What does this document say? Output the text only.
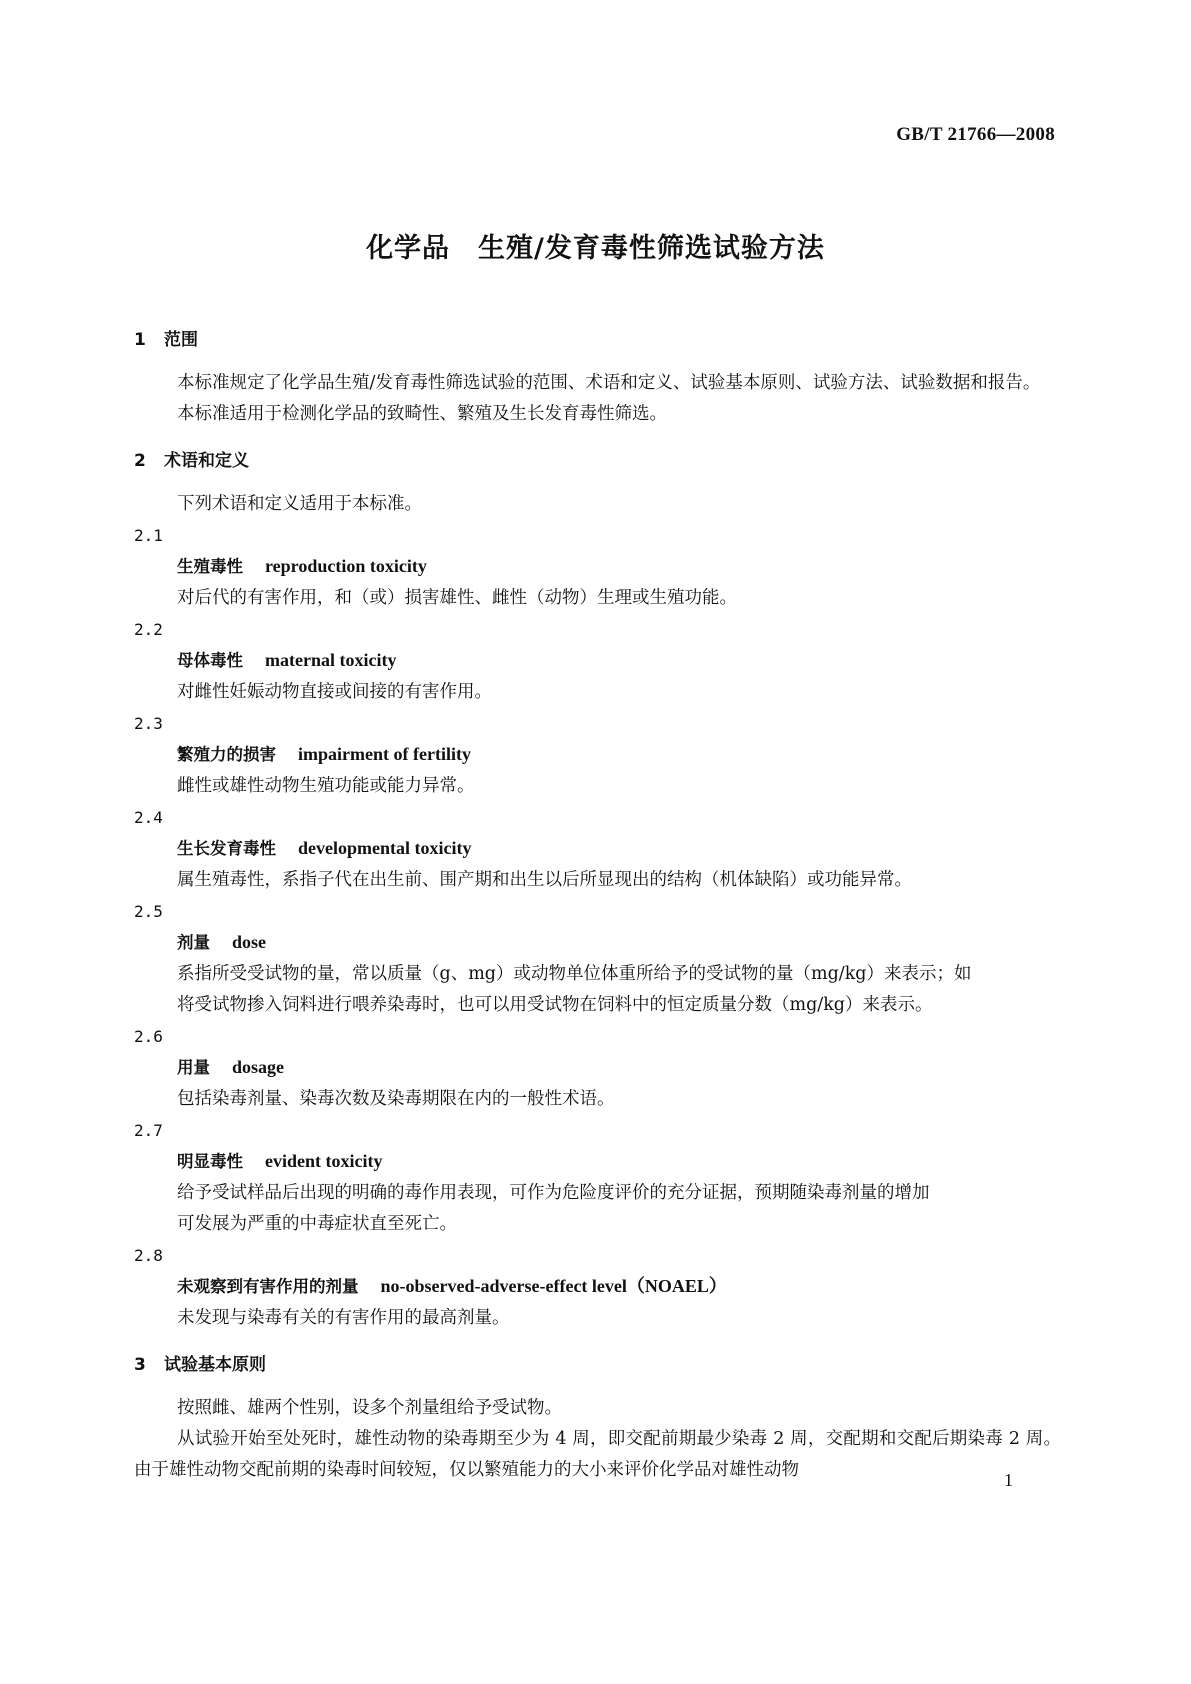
GB/T 21766—2008
化学品　生殖/发育毒性筛选试验方法
1 范围

本标准规定了化学品生殖/发育毒性筛选试验的范围、术语和定义、试验基本原则、试验方法、试验数据和报告。

本标准适用于检测化学品的致畸性、繁殖及生长发育毒性筛选。

2 术语和定义

下列术语和定义适用于本标准。

2.1

生殖毒性 reproduction toxicity

对后代的有害作用，和（或）损害雄性、雌性（动物）生理或生殖功能。

2.2

母体毒性 maternal toxicity

对雌性妊娠动物直接或间接的有害作用。

2.3

繁殖力的损害 impairment of fertility

雌性或雄性动物生殖功能或能力异常。

2.4

生长发育毒性 developmental toxicity

属生殖毒性，系指子代在出生前、围产期和出生以后所显现出的结构（机体缺陷）或功能异常。

2.5

剂量 dose

系指所受受试物的量，常以质量（g、mg）或动物单位体重所给予的受试物的量（mg/kg）来表示；如

将受试物掺入饲料进行喂养染毒时，也可以用受试物在饲料中的恒定质量分数（mg/kg）来表示。

2.6

用量 dosage

包括染毒剂量、染毒次数及染毒期限在内的一般性术语。

2.7

明显毒性 evident toxicity

给予受试样品后出现的明确的毒作用表现，可作为危险度评价的充分证据，预期随染毒剂量的增加

可发展为严重的中毒症状直至死亡。

2.8

未观察到有害作用的剂量 no-observed-adverse-effect level（NOAEL）

未发现与染毒有关的有害作用的最高剂量。

3 试验基本原则

按照雌、雄两个性别，设多个剂量组给予受试物。

从试验开始至处死时，雄性动物的染毒期至少为 4 周，即交配前期最少染毒 2 周，交配期和交配后期染毒 2 周。由于雄性动物交配前期的染毒时间较短，仅以繁殖能力的大小来评价化学品对雄性动物	1
